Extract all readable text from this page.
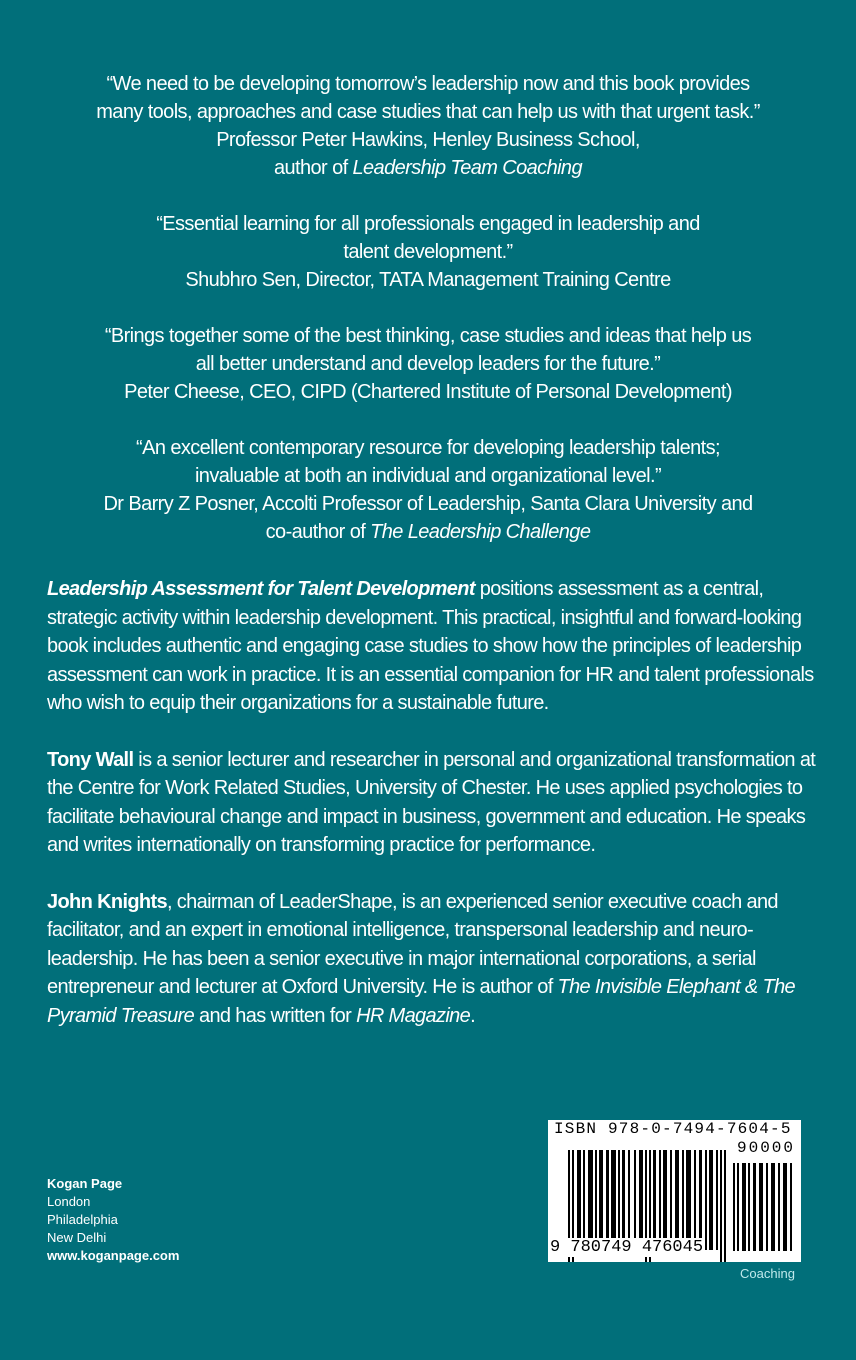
“We need to be developing tomorrow’s leadership now and this book provides
many tools, approaches and case studies that can help us with that urgent task.”
Professor Peter Hawkins, Henley Business School,
author of Leadership Team Coaching
“Essential learning for all professionals engaged in leadership and
talent development.”
Shubhro Sen, Director, TATA Management Training Centre
“Brings together some of the best thinking, case studies and ideas that help us
all better understand and develop leaders for the future.”
Peter Cheese, CEO, CIPD (Chartered Institute of Personal Development)
“An excellent contemporary resource for developing leadership talents;
invaluable at both an individual and organizational level.”
Dr Barry Z Posner, Accolti Professor of Leadership, Santa Clara University and
co-author of The Leadership Challenge

Leadership Assessment for Talent Development positions assessment as a central, strategic activity within leadership development. This practical, insightful and forward-looking book includes authentic and engaging case studies to show how the principles of leadership assessment can work in practice. It is an essential companion for HR and talent professionals who wish to equip their organizations for a sustainable future.

Tony Wall is a senior lecturer and researcher in personal and organizational transformation at the Centre for Work Related Studies, University of Chester. He uses applied psychologies to facilitate behavioural change and impact in business, government and education. He speaks and writes internationally on transforming practice for performance.

John Knights, chairman of LeaderShape, is an experienced senior executive coach and facilitator, and an expert in emotional intelligence, transpersonal leadership and neuro-leadership. He has been a senior executive in major international corporations, a serial entrepreneur and lecturer at Oxford University. He is author of The Invisible Elephant & The Pyramid Treasure and has written for HR Magazine.

Kogan Page
London
Philadelphia
New Delhi
www.koganpage.com
ISBN 978-0-7494-7604-5
90000
9 780749 476045
Coaching
